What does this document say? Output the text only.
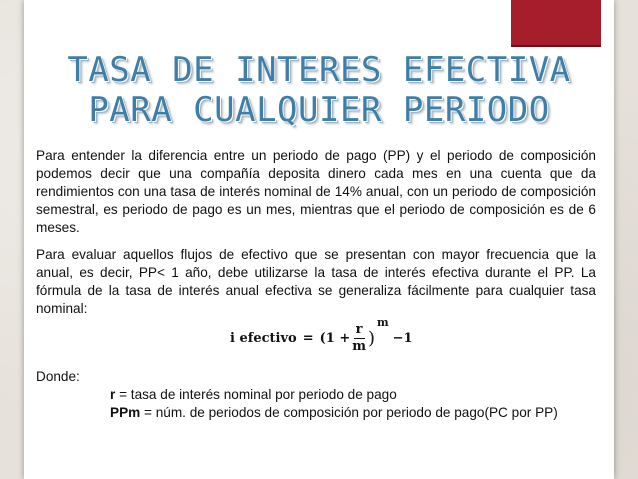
TASA DE INTERES EFECTIVA
PARA CUALQUIER PERIODO

Para entender la diferencia entre un periodo de pago (PP) y el periodo de composición podemos decir que una compañía deposita dinero cada mes en una cuenta que da rendimientos con una tasa de interés nominal de 14% anual, con un periodo de composición semestral, es periodo de pago es un mes, mientras que el periodo de composición es de 6 meses.

Para evaluar aquellos flujos de efectivo que se presentan con mayor frecuencia que la anual, es decir, PP< 1 año, debe utilizarse la tasa de interés efectiva durante el PP. La fórmula de la tasa de interés anual efectiva se generaliza fácilmente para cualquier tasa nominal:

i efectivo = ($1 + \frac{r}{m}$ )
m
−1
Donde:
r = tasa de interés nominal por periodo de pago
PPm = núm. de periodos de composición por periodo de pago(PC por PP)
